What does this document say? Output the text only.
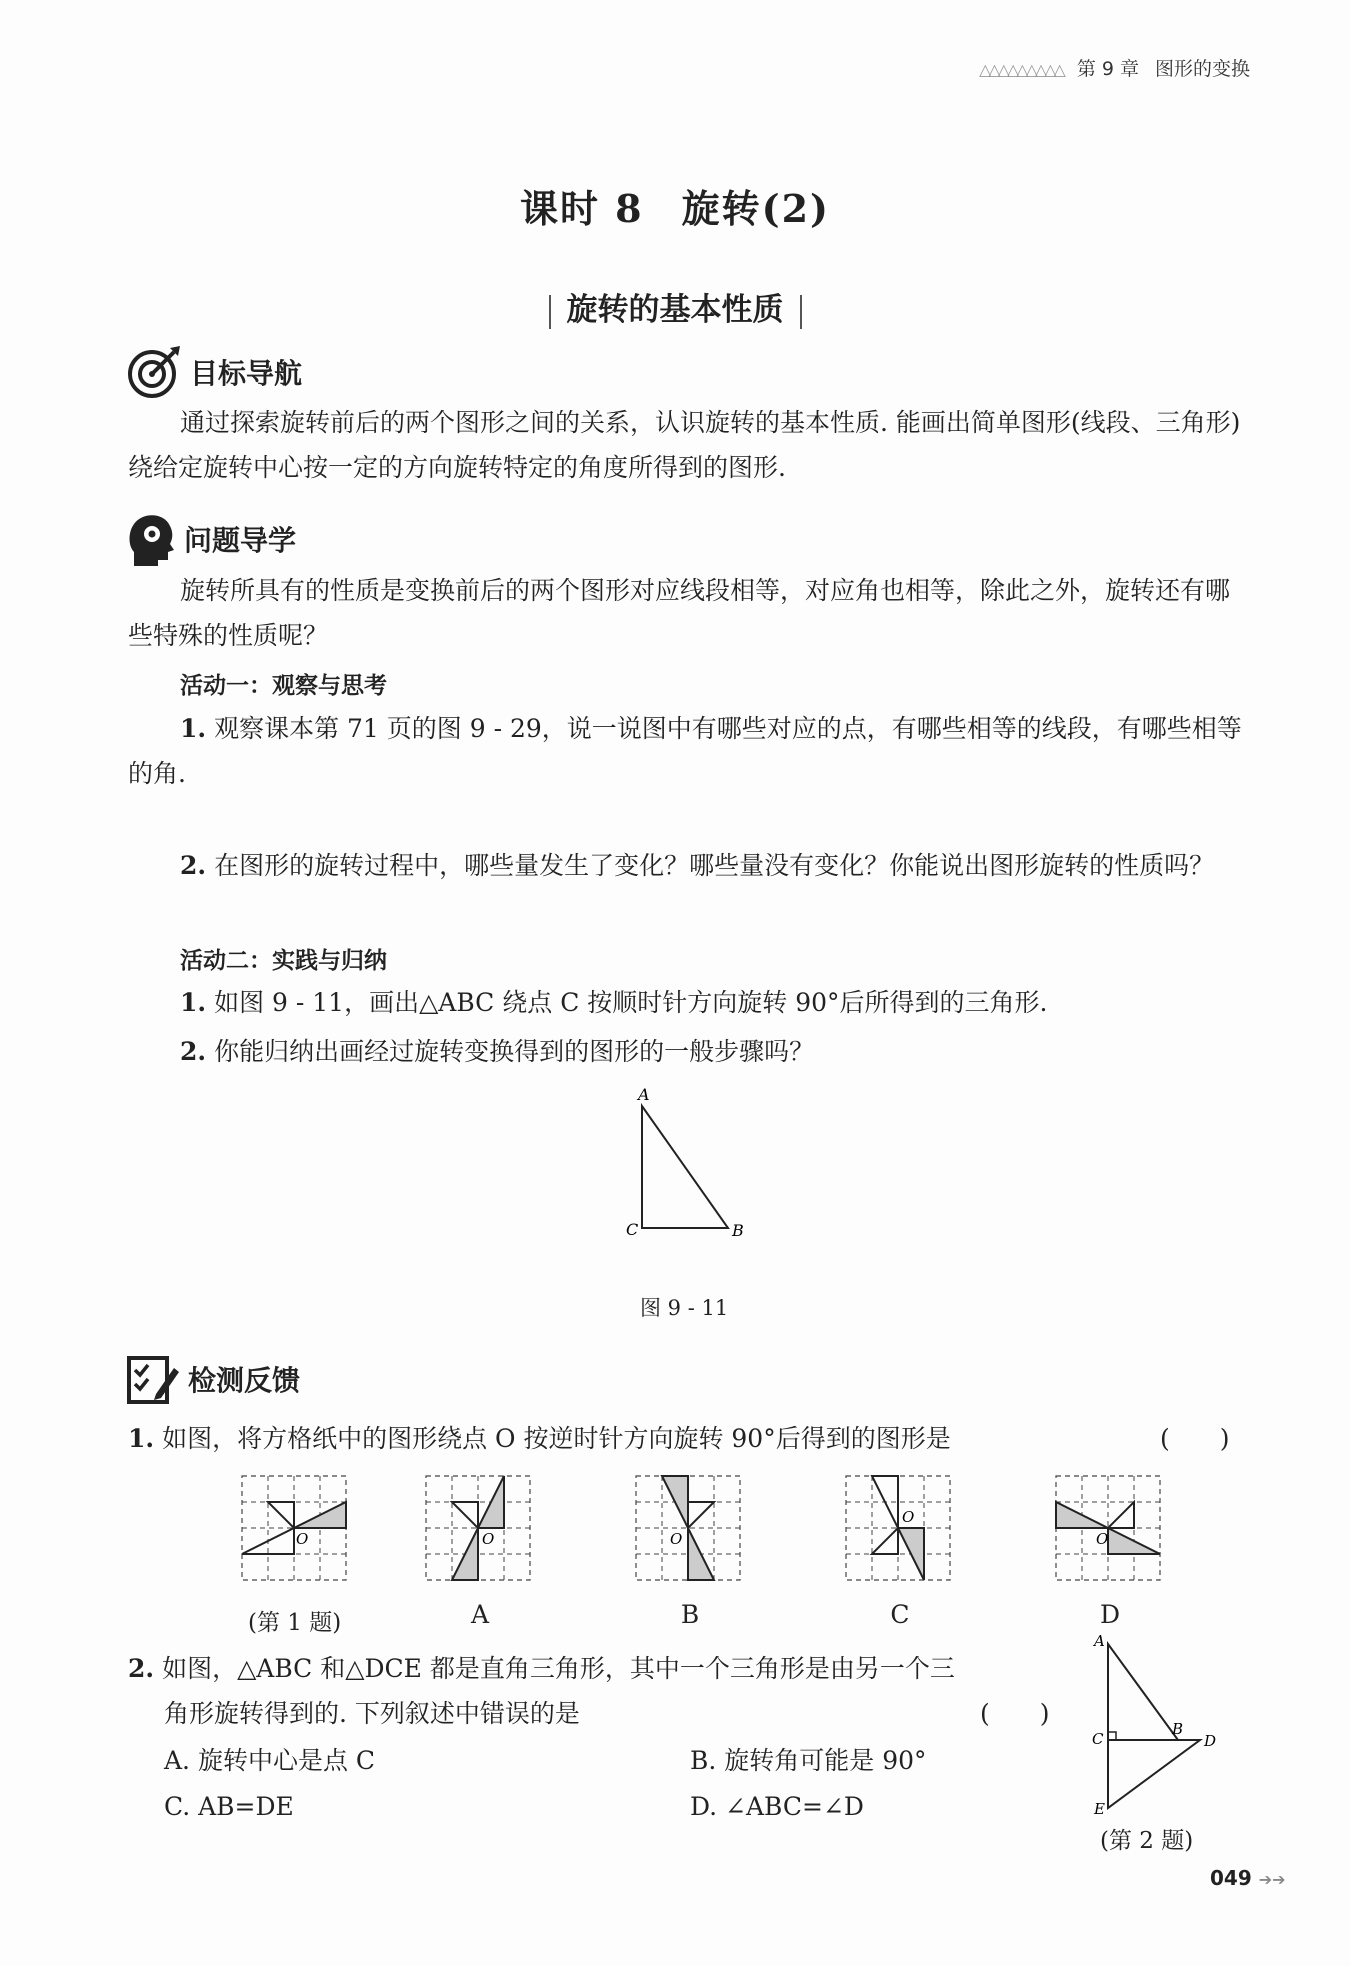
△△△△△△△△△ 第 9 章 图形的变换
课时 8 旋转(2)
旋转的基本性质
目标导航
通过探索旋转前后的两个图形之间的关系，认识旋转的基本性质. 能画出简单图形(线段、三角形)绕给定旋转中心按一定的方向旋转特定的角度所得到的图形.
问题导学
旋转所具有的性质是变换前后的两个图形对应线段相等，对应角也相等，除此之外，旋转还有哪些特殊的性质呢？
活动一：观察与思考
1. 观察课本第 71 页的图 9 - 29，说一说图中有哪些对应的点，有哪些相等的线段，有哪些相等的角.
2. 在图形的旋转过程中，哪些量发生了变化？哪些量没有变化？你能说出图形旋转的性质吗？
活动二：实践与归纳
1. 如图 9 - 11，画出△ABC 绕点 C 按顺时针方向旋转 90°后所得到的三角形.
2. 你能归纳出画经过旋转变换得到的图形的一般步骤吗？
A
C	B
图 9 - 11
检测反馈
1. 如图，将方格纸中的图形绕点 O 按逆时针方向旋转 90°后得到的图形是	(　　)
O	O	O
O
O
(第 1 题)	A	B	C	D
2. 如图，△ABC 和△DCE 都是直角三角形，其中一个三角形是由另一个三
角形旋转得到的. 下列叙述中错误的是	(　　)
A. 旋转中心是点 C	B. 旋转角可能是 90°
C. AB=DE	D. ∠ABC=∠D
A
C
B
D
E
(第 2 题)
049 ➔➔
